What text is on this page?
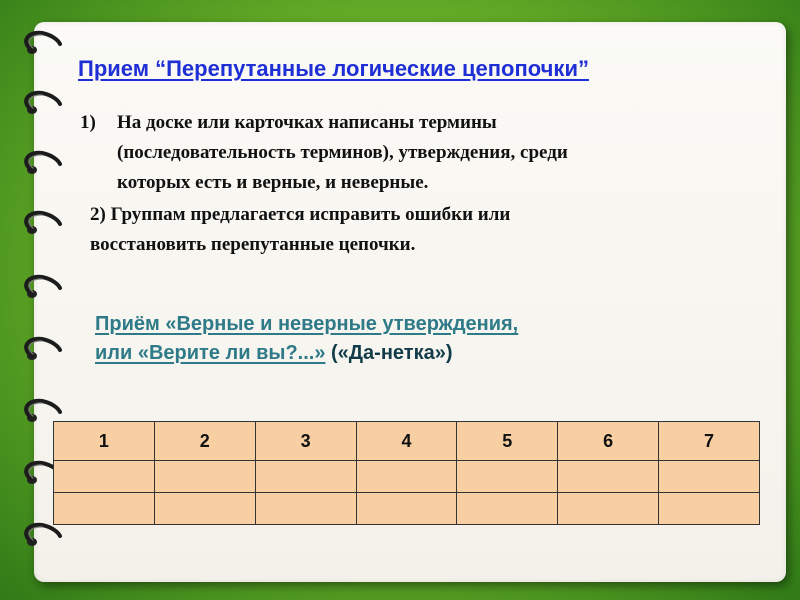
Прием “Перепутанные логические цепопочки”
1) На доске или карточках написаны термины
(последовательность терминов), утверждения, среди
которых есть и верные, и неверные.
2) Группам предлагается исправить ошибки или
восстановить перепутанные цепочки.
Приём «Верные и неверные утверждения,
или «Верите ли вы?...» («Да-нетка»)
1	2	3	4	5	6	7
